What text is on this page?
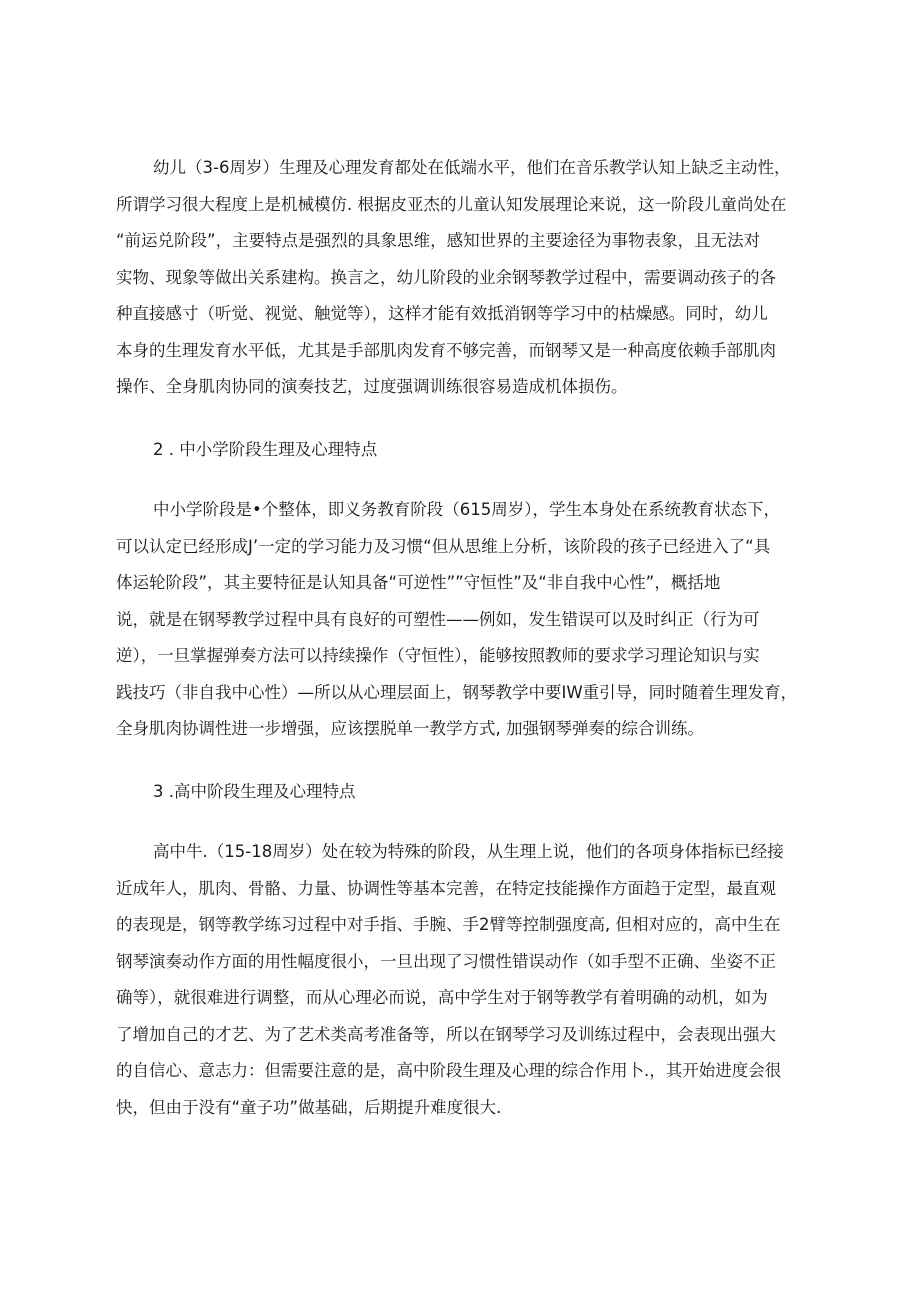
幼儿（3-6周岁）生理及心理发育都处在低端水平，他们在音乐教学认知上缺乏主动性，
所谓学习很大程度上是机械模仿. 根据皮亚杰的儿童认知发展理论来说，这一阶段儿童尚处在
“前运兑阶段”，主要特点是强烈的具象思维，感知世界的主要途径为事物表象，且无法对
实物、现象等做出关系建构。换言之，幼儿阶段的业余钢琴教学过程中，需要调动孩子的各
种直接感寸（听觉、视觉、触觉等），这样才能有效抵消钢等学习中的枯燥感。同时，幼儿
本身的生理发育水平低，尤其是手部肌肉发育不够完善，而钢琴又是一种高度依赖手部肌肉
操作、全身肌肉协同的演奏技艺，过度强调训练很容易造成机体损伤。
2 . 中小学阶段生理及心理特点
中小学阶段是•个整体，即义务教育阶段（615周岁），学生本身处在系统教育状态下，
可以认定已经形成J’一定的学习能力及习惯“但从思维上分析，该阶段的孩子已经进入了“具
体运轮阶段”，其主要特征是认知具备“可逆性””守恒性”及“非自我中心性”，概括地
说，就是在钢琴教学过程中具有良好的可塑性——例如，发生错误可以及时纠正（行为可
逆），一旦掌握弹奏方法可以持续操作（守恒性），能够按照教师的要求学习理论知识与实
践技巧（非自我中心性）—所以从心理层面上，钢琴教学中要IW重引导，同时随着生理发育，
全身肌肉协调性进一步增强，应该摆脱单一教学方式, 加强钢琴弹奏的综合训练。
3 .高中阶段生理及心理特点
高中牛.（15-18周岁）处在较为特殊的阶段，从生理上说，他们的各项身体指标已经接
近成年人，肌肉、骨骼、力量、协调性等基本完善，在特定技能操作方面趋于定型，最直观
的表现是，钢等教学练习过程中对手指、手腕、手2臂等控制强度高, 但相对应的，高中生在
钢琴演奏动作方面的用性幅度很小，一旦出现了习惯性错误动作（如手型不正确、坐姿不正
确等），就很难进行调整，而从心理必而说，高中学生对于钢等教学有着明确的动机，如为
了增加自己的才艺、为了艺术类高考准备等，所以在钢琴学习及训练过程中，会表现出强大
的自信心、意志力：但需要注意的是，高中阶段生理及心理的综合作用卜.，其开始进度会很
快，但由于没有“童子功”做基础，后期提升难度很大.
